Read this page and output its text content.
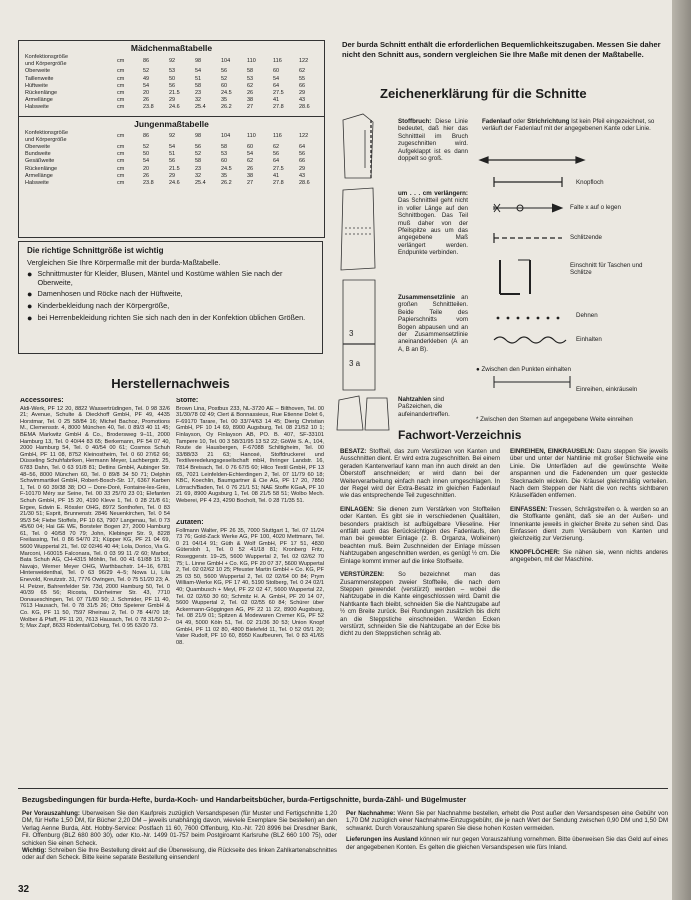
Mädchenmaßtabelle
Konfektionsgröße
und Körpergröße	cm	86	92	98	104	110	116	122
Oberweite	cm	52	53	54	56	58	60	62
Taillenweite	cm	49	50	51	52	53	54	55
Hüftweite	cm	54	56	58	60	62	64	66
Rückenlänge	cm	20	21.5	23	24.5	26	27.5	29
Armellänge	cm	26	29	32	35	38	41	43
Halsweite	cm	23.8	24.6	25.4	26.2	27	27.8	28.6
Jungenmaßtabelle
Konfektionsgröße
und Körpergröße	cm	86	92	98	104	110	116	122
Oberweite	cm	52	54	56	58	60	62	64
Bundweite	cm	50	51	52	53	54	56	56
Gesäßweite	cm	54	56	58	60	62	64	66
Rückenlänge	cm	20	21.5	23	24.5	26	27.5	29
Armellänge	cm	26	29	32	35	38	41	43
Halsweite	cm	23.8	24.6	25.4	26.2	27	27.8	28.6
Die richtige Schnittgröße ist wichtig
Vergleichen Sie Ihre Körpermaße mit der burda-Maßtabelle.
● Schnittmuster für Kleider, Blusen, Mäntel und Kostüme wählen Sie nach der Oberweite,
● Damenhosen und Röcke nach der Hüftweite,
● Kinderbekleidung nach der Körpergröße,
● bei Herrenbekleidung richten Sie sich nach den in der Konfektion üblichen Größen.
Herstellernachweis
Accessoires:
Aldi-Werk, PF 12 20, 8822 Wassertrüdingen, Tel. 0 98 32/6 21; Avenue, Schulte & Dieckhoff GmbH, PF 49, 4435 Horstmar, Tel. 0 25 58/84 16; Michel Bachoz, Promotions M., Clemensstr. 4, 8000 München 40, Tel. 0 89/3 40 11 45; BEMA Markwitz GmbH & Co., Brodersweg 9–11, 2000 Hamburg 13, Tel. 0 40/44 83 65; Berkemann, PF 54 07 40, 2000 Hamburg 54, Tel. 0 40/54 00 61; Cosmos Schuh GmbH, PF 11 08, 8752 Kleinostheim, Tel. 0 60 27/62 66; Düsseling Schuhfabriken, Hermann Meyer, Lachbergstr. 25, 6783 Dahn, Tel. 0 63 91/8 81; Detlins GmbH, Aubinger Str. 48–56, 8000 München 60, Tel. 0 89/8 34 50 71; Delphin Schwimmartikel GmbH, Robert-Bosch-Str. 17, 6367 Karben 1, Tel. 0 60 39/38 38; DO – Dore-Doré, Fontaine-les-Grès, F-10170 Méry sur Seine, Tel. 00 33 25/70 23 01; Elefanten Schuh GmbH, PF 15 20, 4190 Kleve 1, Tel. 0 28 21/8 61; Ergee, Edwin E. Rössler OHG, 8972 Sonthofen, Tel. 0 83 21/30 51; Esprit, Brunnenstr. 2846 Neuenkirchen, Tel. 0 54 95/3 54; Fiebe Stoffels, PF 10 63, 7907 Langenau, Tel. 0 73 45/60 04; Hai GE WE, Borsteler Bogen 27, 2000 Hamburg 61, Tel. 0 40/58 70 79; John, Klebinger Str. 9, 8228 Freilassing, Tel. 0 86 54/70 21; Küpper KG, PF 21 04 69, 5600 Wuppertal 21, Tel. 02 02/46 40 44; Lola, Dorico, Via G. Marconi, I-60015 Falconara, Tel. 0 03 99 11 /2 60; Marbot, Bata Schuh AG, CH-4315 Möhlin, Tel. 00 41 61/88 15 11; Navajo, Werner Meyer OHG, Warthbachstr. 14–16, 6781 Hinterweidenthal, Tel. 0 63 96/29 4–5; Nowa Li, Lila Enevold, Kreutzstr. 31, 7776 Owingen, Tel. 0 75 51/20 23; A. H. Peizer, Bahrenfelder Str. 73d, 2000 Hamburg 50, Tel. 0 40/39 65 56; Ricosta, Dürrheimer Str. 43, 7710 Donaueschingen, Tel. 07 71/80 50; J. Schmider, PF 11 40, 7613 Hausach, Tel. 0 78 31/5 26; Otto Speierer GmbH & Co. KG, PF 11 50, 7597 Rheinau 2, Tel. 0 78 44/70 18; Wolber & Pfaff, PF 11 20, 7613 Hausach, Tel. 0 78 31/50 2–5; Max Zapf, 8633 Rödental/Coburg, Tel. 0 95 63/20 73.
Stoffe:
Brown Lina, Postbus 233, NL-3720 AE – Bilthoven, Tel. 00 31/30/78 02 49; Clert & Bonnassieux, Rue Etienne Dolet 6, F-69170 Tarare, Tel. 00 33/74/63 14 45; Dierig Christian GmbH, PF 10 14 69, 8900 Augsburg, Tel. 08 21/52 10 1; Finlayson, Oy Finlayson AB, PO. B. 407, SF-33101 Tampere 10, Tel. 00 3 58/31/95 13 52 22; GöWé S. A., 104, Route de Hausbergen, F-67088 Schiltigheim, Tel. 00 33/88/33 21 63; Hanosé, Stoffdruckerei und Textilveredelungsgesellschaft mbH, Ihringer Landstr. 16, 7814 Breisach, Tel. 0 76 67/5 60; Hilco Textil GmbH, PF 13 65, 7021 Leinfelden-Echterdingen 2, Tel. 07 11/79 60 18; KBC, Koechlin, Baumgartner & Cie AG, PF 17 20, 7850 Lörrach/Baden, Tel. 0 76 21/1 51; NAE Stoffe KGaA, PF 10 21 69, 8900 Augsburg 1, Tel. 08 21/5 58 51; Wolbo Mech. Weberei, PF 4 23, 4290 Bocholt, Tel. 0 28 71/35 51.
Zutaten:
Follmann Walter, PF 26 35, 7000 Stuttgart 1, Tel. 07 11/24 73 76; Gold-Zack Werke AG, PF 100, 4020 Mettmann, Tel. 0 21 04/14 91; Güth & Wolf GmbH, PF 17 51, 4830 Gütersloh 1, Tel. 0 52 41/18 81; Kronberg Fritz, Roseggerstr. 19–25, 5600 Wuppertal 2, Tel. 02 02/62 70 75; L. Linne GmbH + Co. KG, PF 20 07 37, 5600 Wuppertal 2, Tel. 02 02/62 10 25; Pfeuster Martin GmbH + Co. KG, PF 25 03 50, 5600 Wuppertal 2, Tel. 02 02/64 00 84; Prym William-Werke KG, PF 17 40, 5190 Stolberg, Tel. 0 24 02/1 40; Quambusch + Meyl, PF 22 02 47, 5600 Wuppertal 22, Tel. 02 02/60 30 60; Schmitz H. A. GmbH, PF 20 14 07, 5600 Wuppertal 2, Tel. 02 02/55 60 84; Schürer über Ackermann-Göggingen AG, PF 22 11 22, 8900 Augsburg, Tel. 08 21/9 01; Spitzen & Modewaren Cremer KG, PF 52 04 49, 5000 Köln 51, Tel. 02 21/36 30 53; Union Knopf GmbH, PF 11 02 80, 4800 Bielefeld 11, Tel. 0 52 05/1 20; Vater Rudolf, PF 10 60, 8950 Kaufbeuren, Tel. 0 83 41/65 08.
Der burda Schnitt enthält die erforderlichen Bequemlichkeitszugaben. Messen Sie daher nicht den Schnitt aus, sondern vergleichen Sie Ihre Maße mit denen der Maßtabelle.
Zeichenerklärung für die Schnitte
3
3 a
Stoffbruch: Diese Linie bedeutet, daß hier das Schnittteil im Bruch zugeschnitten wird. Aufgeklappt ist es dann doppelt so groß.
um . . . cm verlängern: Das Schnittteil geht nicht in voller Länge auf den Schnittbogen. Das Teil muß daher von der Pfeilspitze aus um das angegebene Maß verlängert werden. Endpunkte verbinden.
Zusammensetzlinie an großen Schnittteilen. Beide Teile des Papierschnitts vom Bogen abpausen und an der Zusammensetzlinie aneinanderkleben (A an A, B an B).
Nahtzahlen sind Paßzeichen, die aufeinandertreffen.
Fadenlauf oder Strichrichtung Ist kein Pfeil eingezeichnet, so verläuft der Fadenlauf mit der angegebenen Kante oder Linie.
Knopfloch
Falte x auf o legen
Schlitzende
Einschnitt für Taschen und Schlitze
Dehnen
Einhalten
● Zwischen den Punkten einhalten
Einreihen, einkräuseln
* Zwischen den Sternen auf angegebene Weite einreihen
Fachwort-Verzeichnis
BESATZ: Stoffteil, das zum Verstürzen von Kanten und Ausschnitten dient. Er wird extra zugeschnitten. Bei einem geraden Kantenverlauf kann man ihn auch direkt an den Oberstoff anschneiden; er wird dann bei der Weiterverarbeitung einfach nach innen umgeschlagen. In der Regel wird der Extra-Besatz im gleichen Fadenlauf wie das entsprechende Teil zugeschnitten.
EINLAGEN: Sie dienen zum Verstärken von Stoffteilen oder Kanten. Es gibt sie in verschiedenen Qualitäten, besonders praktisch ist aufbügelbare Vlieseline. Hier entfällt auch das Berücksichtigen des Fadenlaufs, den man bei gewebter Einlage (z. B. Organza, Wolleinen) beachten muß. Beim Zuschneiden der Einlage müssen Nahtzugaben angeschnitten werden, es genügt ½ cm. Die Einlage kommt immer auf die linke Stoffseite.
VERSTÜRZEN: So bezeichnet man das Zusammensteppen zweier Stoffteile, die nach dem Steppen gewendet (verstürzt) werden – wobei die Nahtzugabe in die Kante eingeschlossen wird. Damit die Nahtkante flach bleibt, schneiden Sie die Nahtzugabe auf ½ cm Breite zurück. Bei Rundungen zusätzlich bis dicht an die Steppstiche einschneiden. Werden Ecken verstürzt, schneiden Sie die Nahtzugabe an der Ecke bis dicht zu den Steppstichen schräg ab.
EINREIHEN, EINKRÄUSELN: Dazu steppen Sie jeweils über und unter der Nahtlinie mit großer Stichweite eine Linie. Die Unterfäden auf die gewünschte Weite anspannen und die Fadenenden um quer gesteckte Stecknadeln wickeln. Die Kräusel gleichmäßig verteilen. Nach dem Steppen der Naht die von rechts sichtbaren Kräuselfäden entfernen.
EINFASSEN: Tressen, Schrägstreifen o. ä. werden so an die Stoffkante genäht, daß sie an der Außen- und Innenkante jeweils in gleicher Breite zu sehen sind. Das Einfassen dient zum Versäubern von Kanten und gleichzeitig zur Verzierung.
KNOPFLÖCHER: Sie nähen sie, wenn nichts anderes angegeben, mit der Maschine.
Bezugsbedingungen für burda-Hefte, burda-Koch- und Handarbeitsbücher, burda-Fertigschnitte, burda-Zähl- und Bügelmuster
Per Vorauszahlung: Überweisen Sie den Kaufpreis zuzüglich Versandspesen (für Muster und Fertigschnitte 1,20 DM, für Hefte 1,50 DM, für Bücher 2,20 DM – jeweils unabhängig davon, wieviele Exemplare Sie bestellen) an den Verlag Aenne Burda, Abt. Hobby-Service: Postfach 11 60, 7600 Offenburg, Kto.-Nr. 720 8996 bei Dresdner Bank, Fil. Offenburg (BLZ 680 800 30), oder Kto.-Nr. 1499 01-757 beim Postgiroamt Karlsruhe (BLZ 660 100 75), oder schicken Sie einen Scheck.
Wichtig: Schreiben Sie Ihre Bestellung direkt auf die Überweisung, die Rückseite des linken Zahlkartenabschnittes oder auf den Scheck. Bitte keine separate Bestellung einsenden!
Per Nachnahme: Wenn Sie per Nachnahme bestellen, erhebt die Post außer den Versandspesen eine Gebühr von 1,70 DM zuzüglich einer Nachnahme-Einzugsgebühr, die je nach Wert der Sendung zwischen 0,90 DM und 1,50 DM schwankt. Durch Vorauszahlung sparen Sie diese hohen Kosten vermeiden.
Lieferungen ins Ausland können wir nur gegen Vorauszahlung vornehmen. Bitte überweisen Sie das Geld auf eines der angegebenen Konten. Es gelten die gleichen Versandspesen wie fürs Inland.
32
